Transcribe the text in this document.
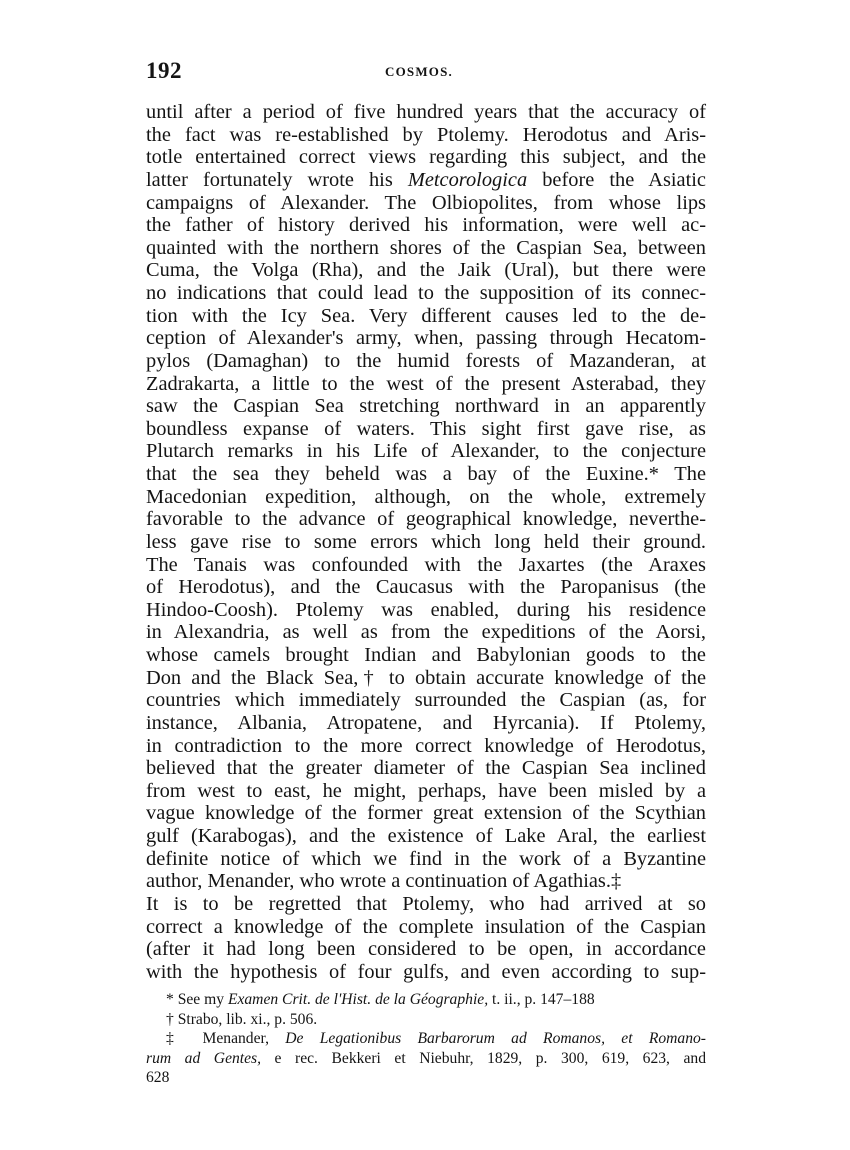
192	COSMOS.
until after a period of five hundred years that the accuracy of
the fact was re-established by Ptolemy. Herodotus and Aris-
totle entertained correct views regarding this subject, and the
latter fortunately wrote his Metcorologica before the Asiatic
campaigns of Alexander. The Olbiopolites, from whose lips
the father of history derived his information, were well ac-
quainted with the northern shores of the Caspian Sea, between
Cuma, the Volga (Rha), and the Jaik (Ural), but there were
no indications that could lead to the supposition of its connec-
tion with the Icy Sea. Very different causes led to the de-
ception of Alexander's army, when, passing through Hecatom-
pylos (Damaghan) to the humid forests of Mazanderan, at
Zadrakarta, a little to the west of the present Asterabad, they
saw the Caspian Sea stretching northward in an apparently
boundless expanse of waters. This sight first gave rise, as
Plutarch remarks in his Life of Alexander, to the conjecture
that the sea they beheld was a bay of the Euxine.* The
Macedonian expedition, although, on the whole, extremely
favorable to the advance of geographical knowledge, neverthe-
less gave rise to some errors which long held their ground.
The Tanais was confounded with the Jaxartes (the Araxes
of Herodotus), and the Caucasus with the Paropanisus (the
Hindoo-Coosh). Ptolemy was enabled, during his residence
in Alexandria, as well as from the expeditions of the Aorsi,
whose camels brought Indian and Babylonian goods to the
Don and the Black Sea,† to obtain accurate knowledge of the
countries which immediately surrounded the Caspian (as, for
instance, Albania, Atropatene, and Hyrcania). If Ptolemy,
in contradiction to the more correct knowledge of Herodotus,
believed that the greater diameter of the Caspian Sea inclined
from west to east, he might, perhaps, have been misled by a
vague knowledge of the former great extension of the Scythian
gulf (Karabogas), and the existence of Lake Aral, the earliest
definite notice of which we find in the work of a Byzantine
author, Menander, who wrote a continuation of Agathias.‡
It is to be regretted that Ptolemy, who had arrived at so
correct a knowledge of the complete insulation of the Caspian
(after it had long been considered to be open, in accordance
with the hypothesis of four gulfs, and even according to sup-
* See my Examen Crit. de l'Hist. de la Géographie, t. ii., p. 147–188
† Strabo, lib. xi., p. 506.
‡ Menander, De Legationibus Barbarorum ad Romanos, et Romano-
rum ad Gentes, e rec. Bekkeri et Niebuhr, 1829, p. 300, 619, 623, and
628
